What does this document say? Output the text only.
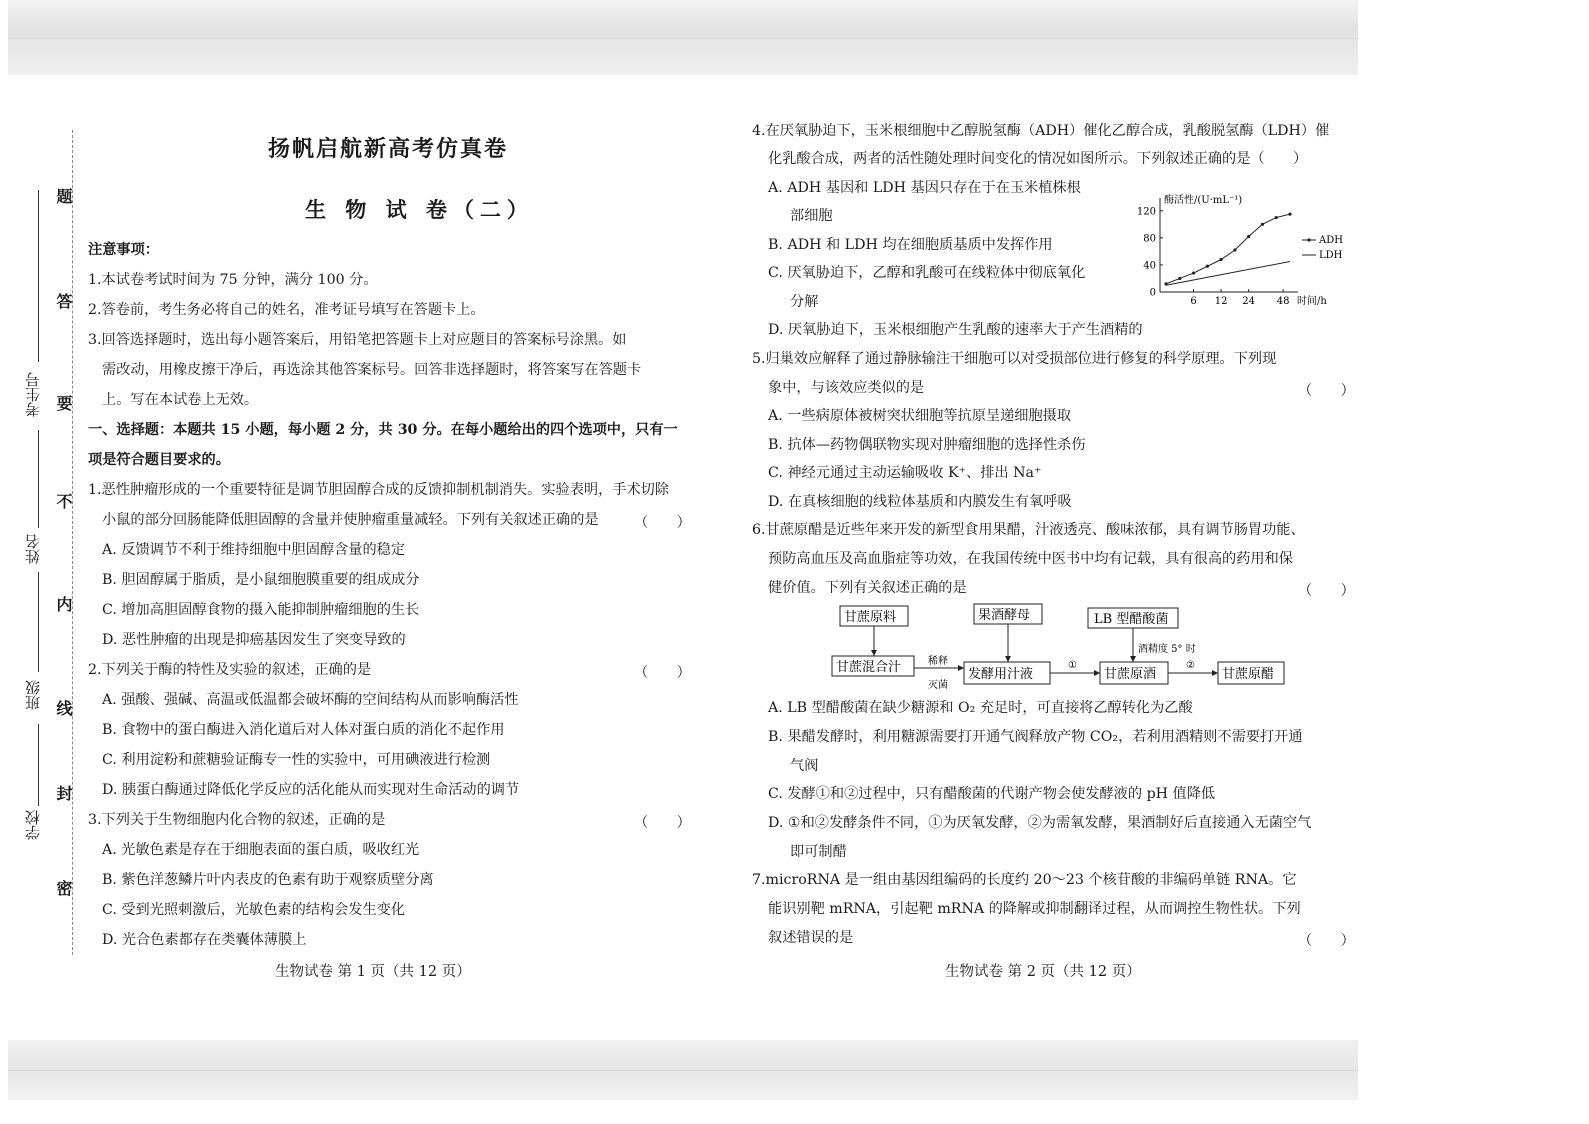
题
答
要
不
内
线
封
密
考生号
姓名
班级
学校
扬帆启航新高考仿真卷
生 物 试 卷（二）
注意事项：
1.本试卷考试时间为 75 分钟，满分 100 分。
2.答卷前，考生务必将自己的姓名，准考证号填写在答题卡上。
3.回答选择题时，选出每小题答案后，用铅笔把答题卡上对应题目的答案标号涂黑。如
需改动，用橡皮擦干净后，再选涂其他答案标号。回答非选择题时，将答案写在答题卡
上。写在本试卷上无效。
一、选择题：本题共 15 小题，每小题 2 分，共 30 分。在每小题给出的四个选项中，只有一
项是符合题目要求的。
1.恶性肿瘤形成的一个重要特征是调节胆固醇合成的反馈抑制机制消失。实验表明，手术切除
小鼠的部分回肠能降低胆固醇的含量并使肿瘤重量减轻。下列有关叙述正确的是 （　　）
A. 反馈调节不利于维持细胞中胆固醇含量的稳定
B. 胆固醇属于脂质，是小鼠细胞膜重要的组成成分
C. 增加高胆固醇食物的摄入能抑制肿瘤细胞的生长
D. 恶性肿瘤的出现是抑癌基因发生了突变导致的
2.下列关于酶的特性及实验的叙述，正确的是	（　　）
A. 强酸、强碱、高温或低温都会破坏酶的空间结构从而影响酶活性
B. 食物中的蛋白酶进入消化道后对人体对蛋白质的消化不起作用
C. 利用淀粉和蔗糖验证酶专一性的实验中，可用碘液进行检测
D. 胰蛋白酶通过降低化学反应的活化能从而实现对生命活动的调节
3.下列关于生物细胞内化合物的叙述，正确的是	（　　）
A. 光敏色素是存在于细胞表面的蛋白质，吸收红光
B. 紫色洋葱鳞片叶内表皮的色素有助于观察质壁分离
C. 受到光照刺激后，光敏色素的结构会发生变化
D. 光合色素都存在类囊体薄膜上
生物试卷 第 1 页（共 12 页）
4.在厌氧胁迫下，玉米根细胞中乙醇脱氢酶（ADH）催化乙醇合成，乳酸脱氢酶（LDH）催
化乳酸合成，两者的活性随处理时间变化的情况如图所示。下列叙述正确的是（　　）
A. ADH 基因和 LDH 基因只存在于在玉米植株根
部细胞
B. ADH 和 LDH 均在细胞质基质中发挥作用
C. 厌氧胁迫下，乙醇和乳酸可在线粒体中彻底氧化
分解
D. 厌氧胁迫下，玉米根细胞产生乳酸的速率大于产生酒精的
酶活性/(U·mL⁻¹)
时间/h
0
40
80
120
6 12 24 48
ADH
LDH
5.归巢效应解释了通过静脉输注干细胞可以对受损部位进行修复的科学原理。下列现
象中，与该效应类似的是	（　　）
A. 一些病原体被树突状细胞等抗原呈递细胞摄取
B. 抗体—药物偶联物实现对肿瘤细胞的选择性杀伤
C. 神经元通过主动运输吸收 K⁺、排出 Na⁺
D. 在真核细胞的线粒体基质和内膜发生有氧呼吸
6.甘蔗原醋是近些年来开发的新型食用果醋，汁液透亮、酸味浓郁，具有调节肠胃功能、
预防高血压及高血脂症等功效，在我国传统中医书中均有记载，具有很高的药用和保
健价值。下列有关叙述正确的是	（　　）
甘蔗原料	果酒酵母	LB 型醋酸菌
甘蔗混合汁	发酵用汁液	甘蔗原酒	甘蔗原醋
稀释
灭菌
酒精度 5° 时
①	②
A. LB 型醋酸菌在缺少糖源和 O₂ 充足时，可直接将乙醇转化为乙酸
B. 果醋发酵时，利用糖源需要打开通气阀释放产物 CO₂，若利用酒精则不需要打开通
气阀
C. 发酵①和②过程中，只有醋酸菌的代谢产物会使发酵液的 pH 值降低
D. ①和②发酵条件不同，①为厌氧发酵，②为需氧发酵，果酒制好后直接通入无菌空气
即可制醋
7.microRNA 是一组由基因组编码的长度约 20～23 个核苷酸的非编码单链 RNA。它
能识别靶 mRNA，引起靶 mRNA 的降解或抑制翻译过程，从而调控生物性状。下列
叙述错误的是	（　　）
生物试卷 第 2 页（共 12 页）
